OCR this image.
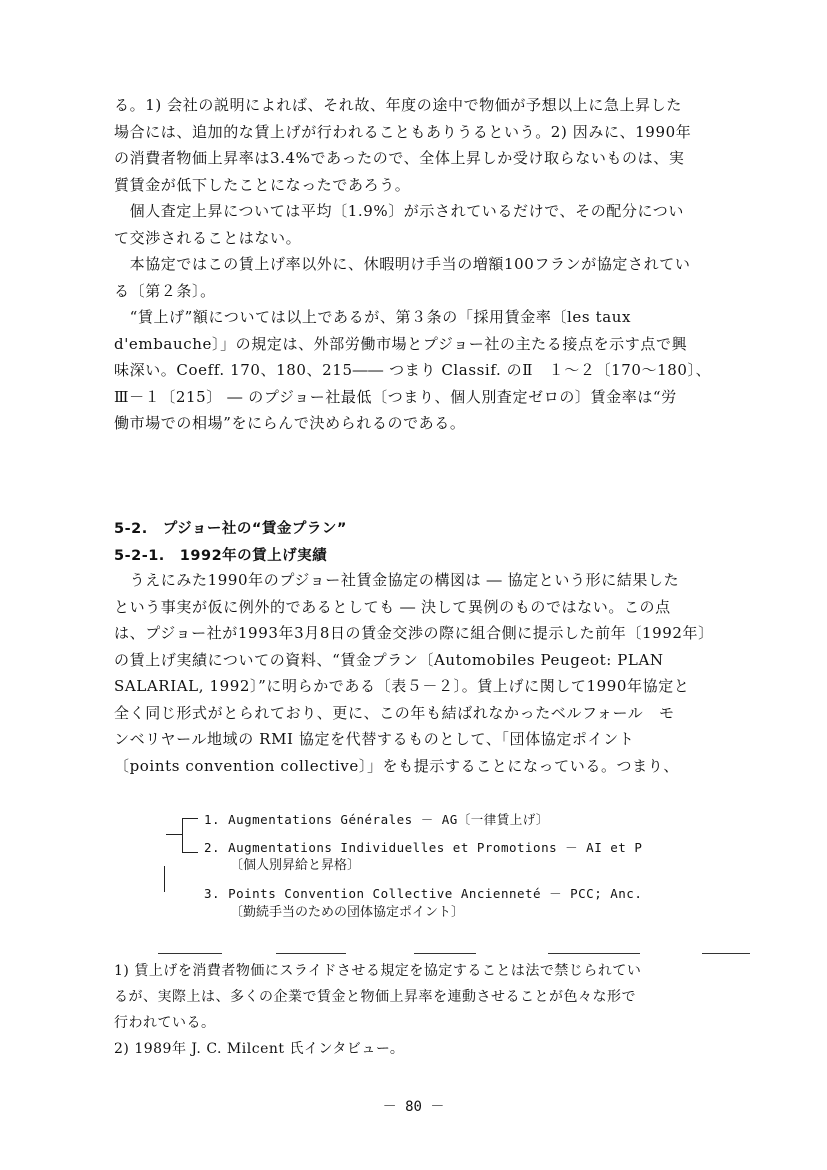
る。1) 会社の説明によれば、それ故、年度の途中で物価が予想以上に急上昇した
場合には、追加的な賃上げが行われることもありうるという。2) 因みに、1990年
の消費者物価上昇率は3.4%であったので、全体上昇しか受け取らないものは、実
質賃金が低下したことになったであろう。
　個人査定上昇については平均〔1.9%〕が示されているだけで、その配分につい
て交渉されることはない。
　本協定ではこの賃上げ率以外に、休暇明け手当の増額100フランが協定されてい
る〔第２条〕。
　“賃上げ”額については以上であるが、第３条の「採用賃金率〔les taux
d'embauche〕」の規定は、外部労働市場とプジョー社の主たる接点を示す点で興
味深い。Coeff. 170、180、215―― つまり Classif. のⅡ　１～２〔170～180〕、
Ⅲ－１〔215〕 ― のプジョー社最低〔つまり、個人別査定ゼロの〕賃金率は“労
働市場での相場”をにらんで決められるのである。
5-2.　プジョー社の“賃金プラン”
5-2-1.　1992年の賃上げ実績
　うえにみた1990年のプジョー社賃金協定の構図は ― 協定という形に結果した
という事実が仮に例外的であるとしても ― 決して異例のものではない。この点
は、プジョー社が1993年3月8日の賃金交渉の際に組合側に提示した前年〔1992年〕
の賃上げ実績についての資料、“賃金プラン〔Automobiles Peugeot: PLAN
SALARIAL, 1992〕”に明らかである〔表５－２〕。賃上げに関して1990年協定と
全く同じ形式がとられており、更に、この年も結ばれなかったベルフォール　モ
ンベリヤール地域の RMI 協定を代替するものとして、「団体協定ポイント
〔points convention collective〕」をも提示することになっている。つまり、
1. Augmentations Générales － AG〔一律賃上げ〕
2. Augmentations Individuelles et Promotions － AI et P
〔個人別昇給と昇格〕
3. Points Convention Collective Ancienneté － PCC; Anc.
〔勤続手当のための団体協定ポイント〕
1) 賃上げを消費者物価にスライドさせる規定を協定することは法で禁じられてい
るが、実際上は、多くの企業で賃金と物価上昇率を連動させることが色々な形で
行われている。
2) 1989年 J. C. Milcent 氏インタビュー。
－ 80 －
